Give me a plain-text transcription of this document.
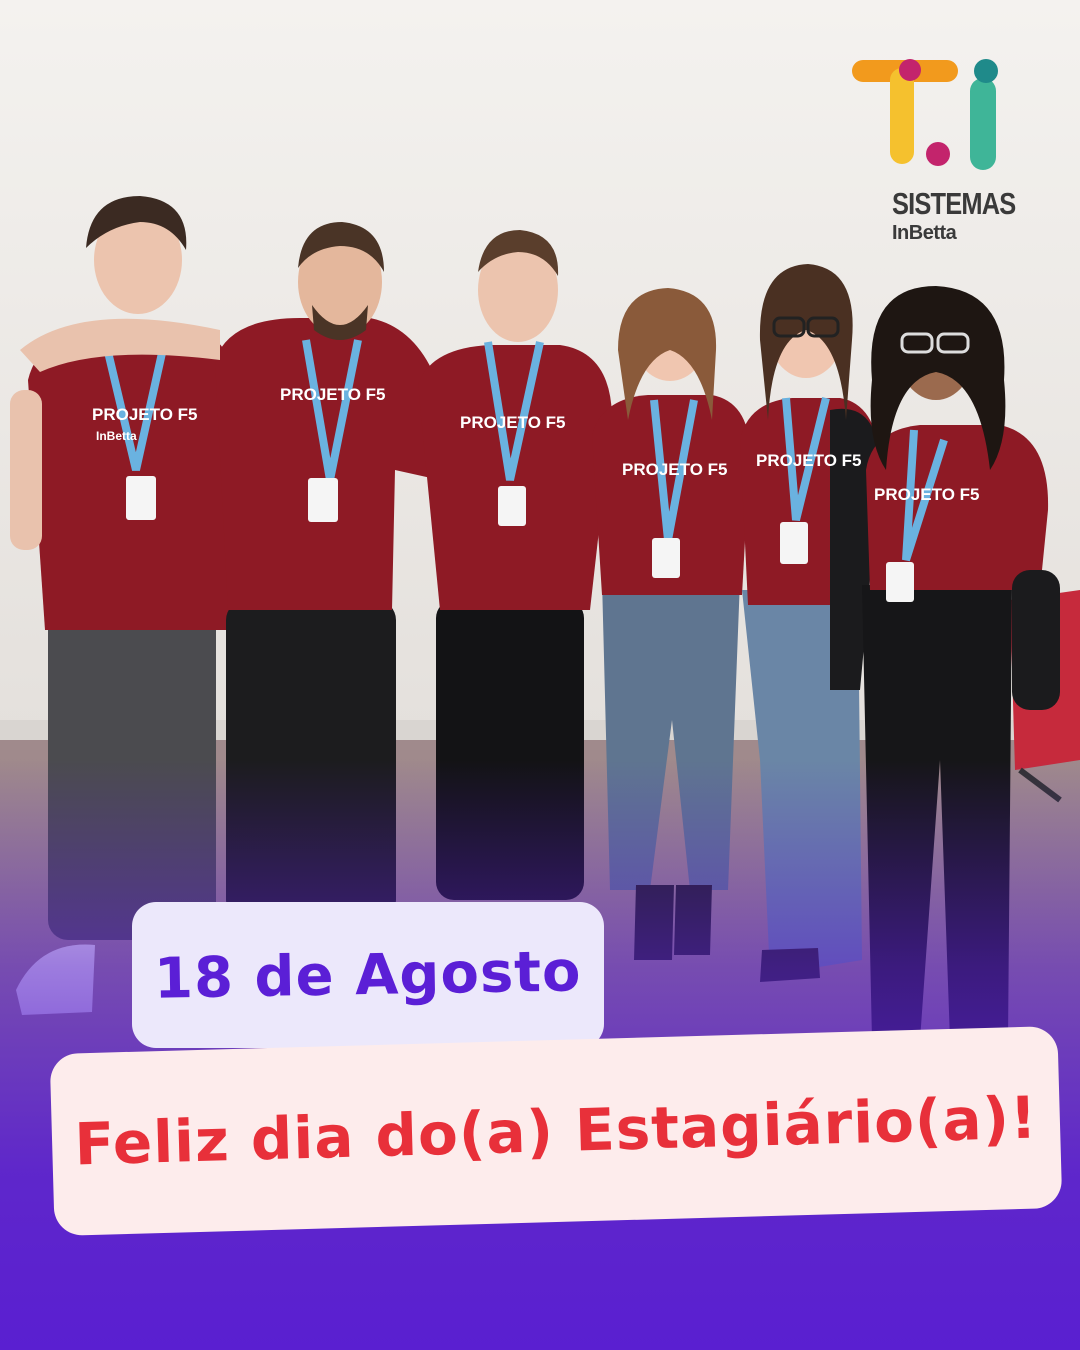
PROJETO F5
InBetta
PROJETO F5
PROJETO F5
PROJETO F5 PROJETO F5
PROJETO F5
SISTEMAS
InBetta
18 de Agosto
Feliz dia do(a) Estagiário(a)!
